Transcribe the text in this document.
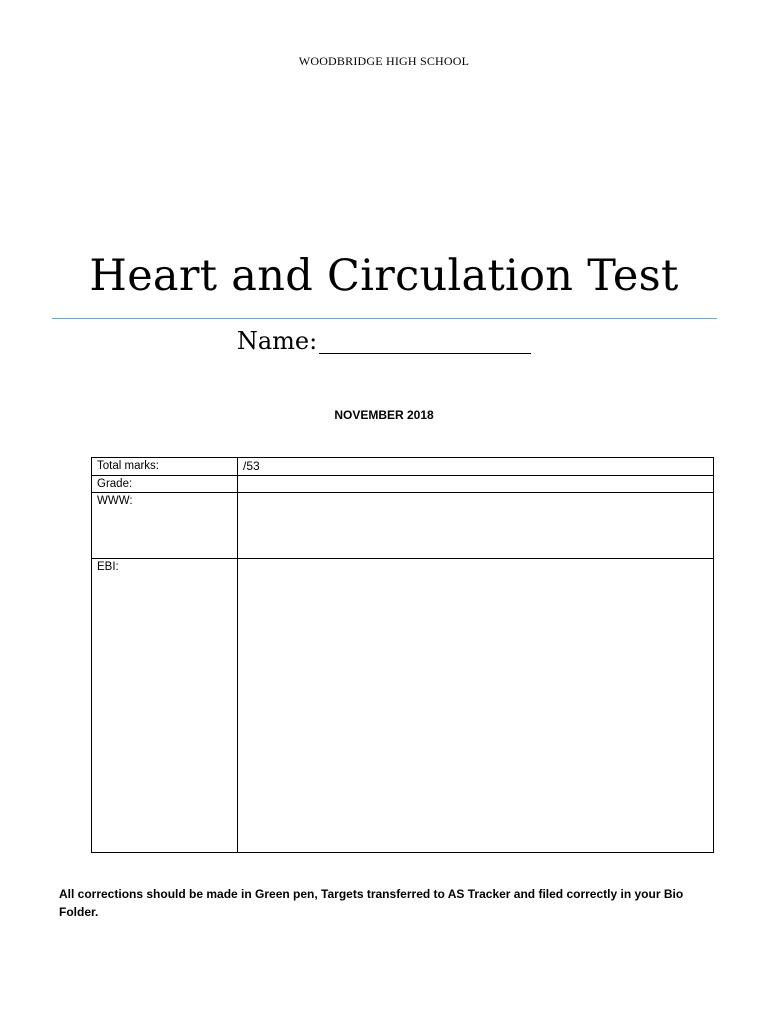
WOODBRIDGE HIGH SCHOOL
Heart and Circulation Test
Name:
NOVEMBER 2018
Total marks:	/53
Grade:	
WWW:	
EBI:	
All corrections should be made in Green pen, Targets transferred to AS Tracker and filed correctly in your Bio Folder.
